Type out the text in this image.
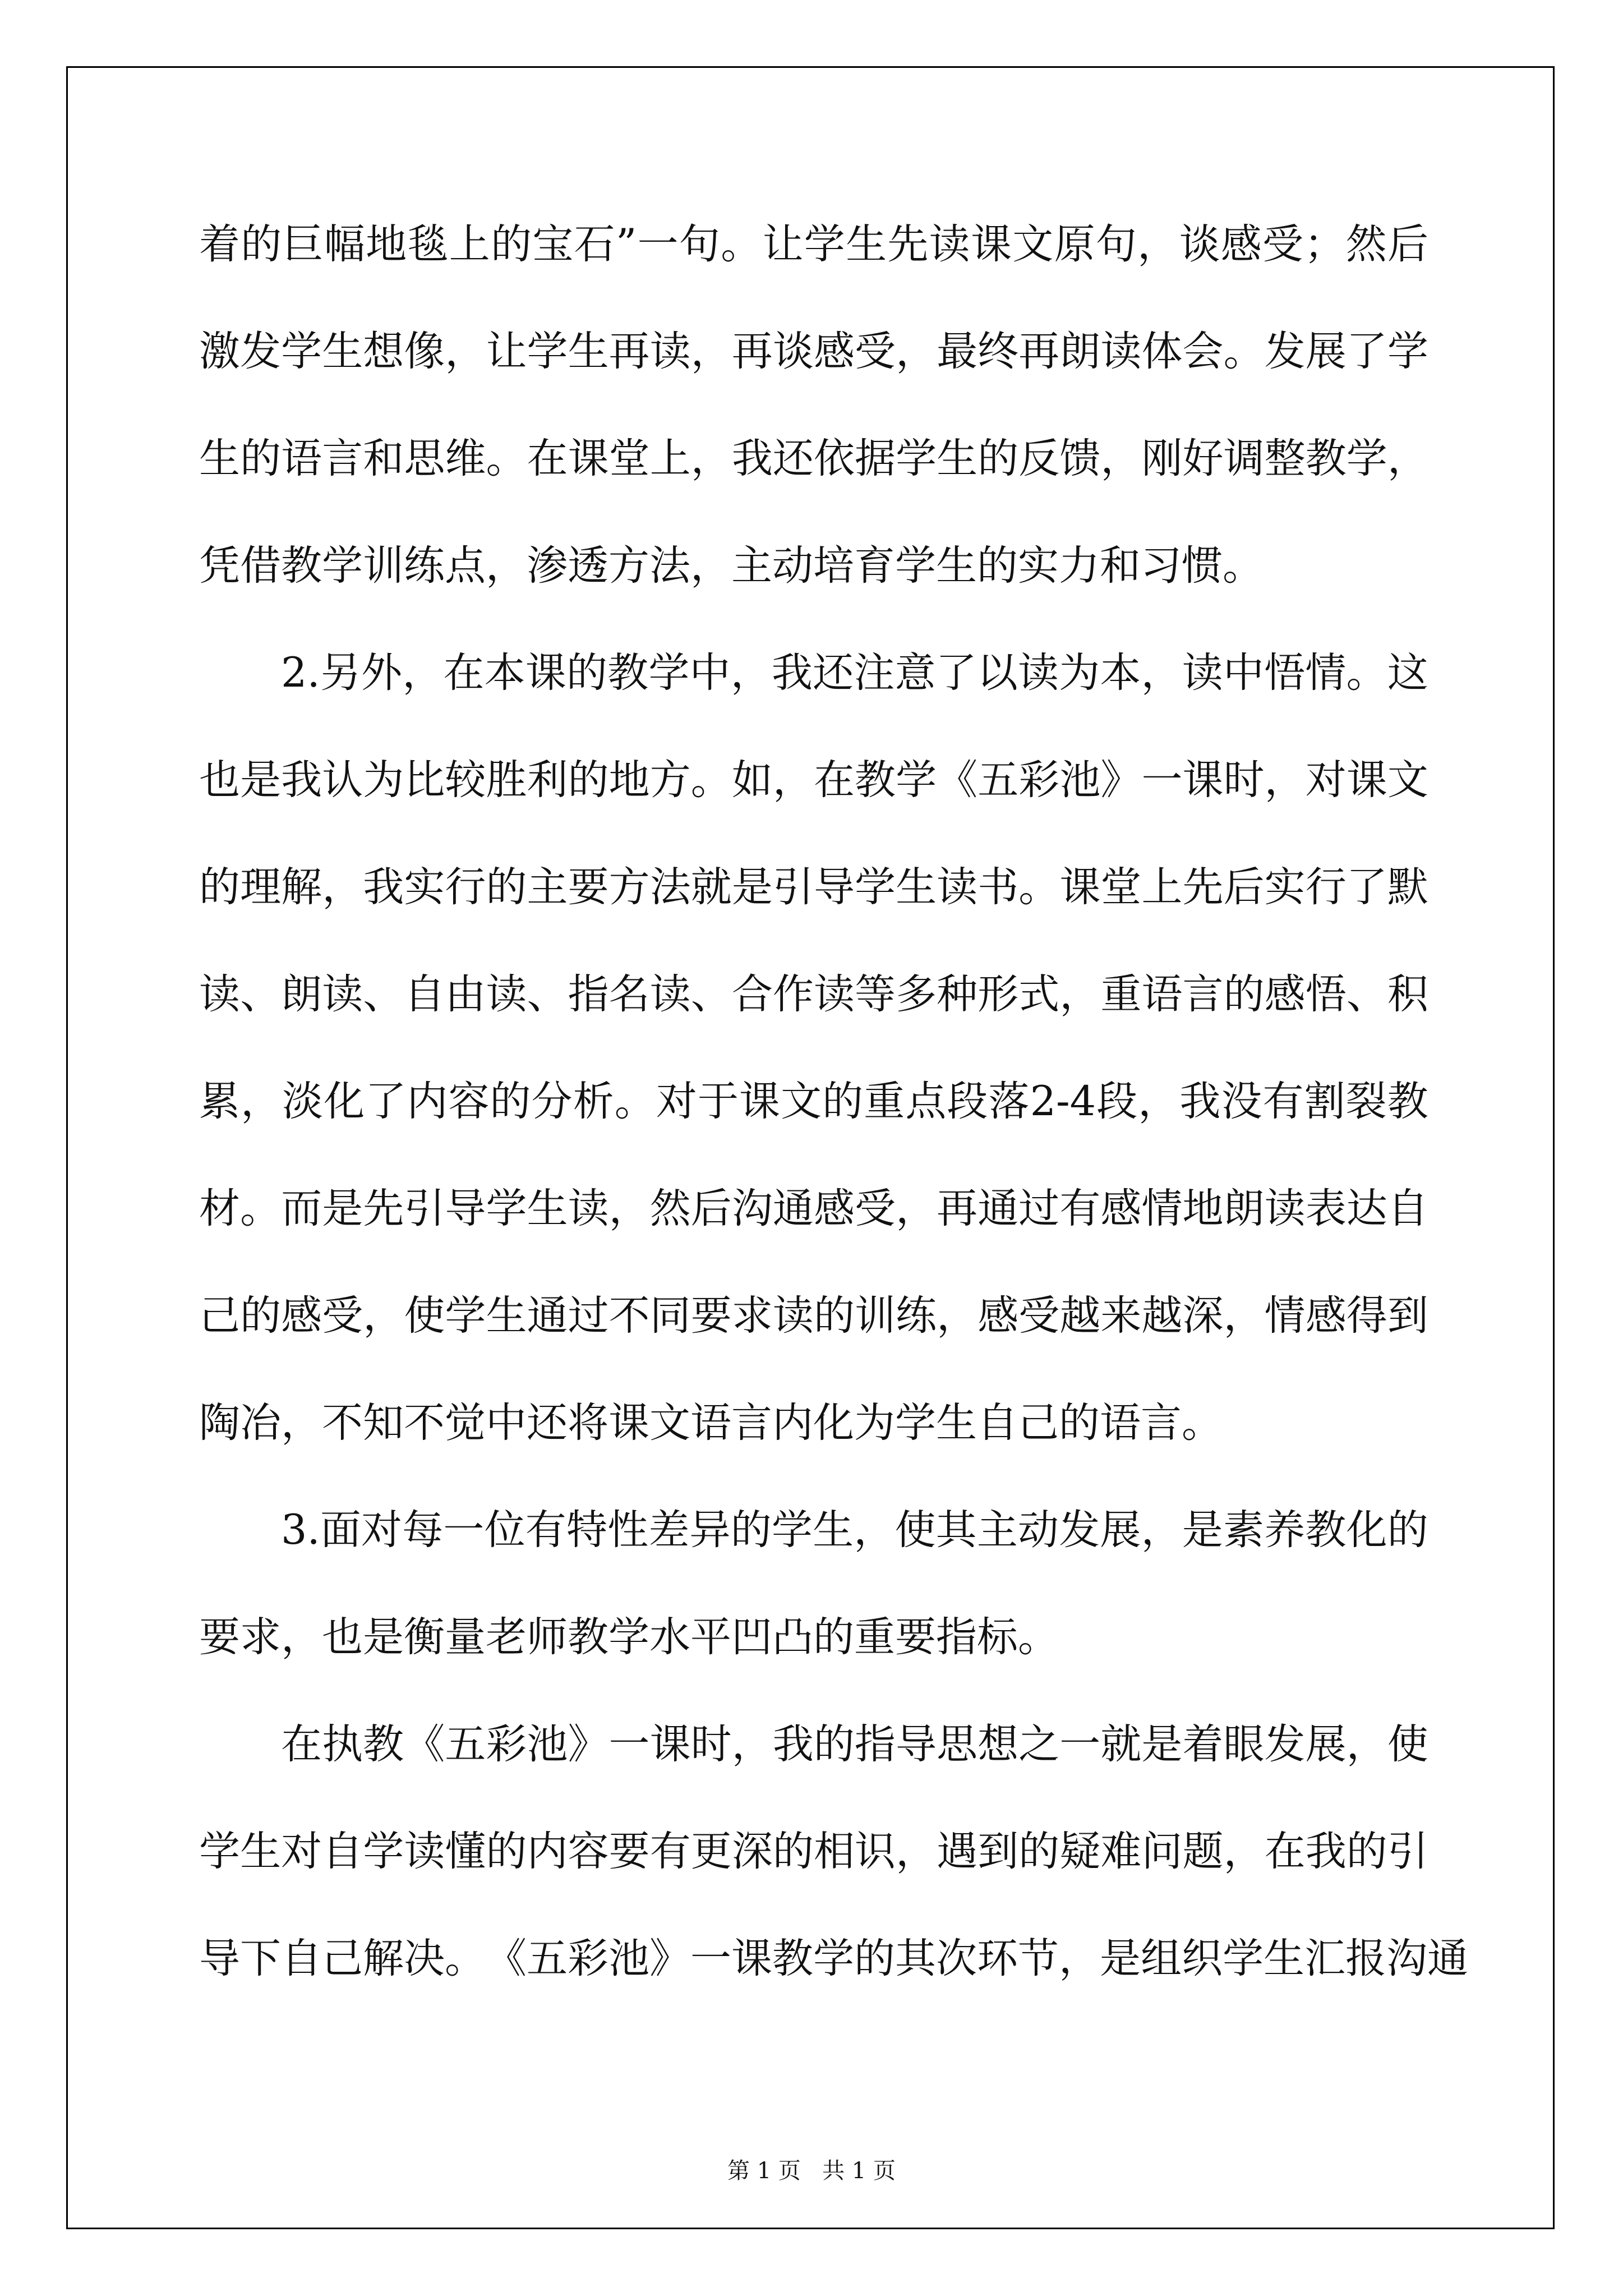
着 的 巨 幅 地 毯 上 的 宝 石 ” 一 句 。 让 学 生 先 读 课 文 原 句 ， 谈 感 受 ； 然 后
激 发 学 生 想 像 ， 让 学 生 再 读 ， 再 谈 感 受 ， 最 终 再 朗 读 体 会 。 发 展 了 学
生 的 语 言 和 思 维 。 在 课 堂 上 ， 我 还 依 据 学 生 的 反 馈 ， 刚 好 调 整 教 学 ，
凭 借 教 学 训 练 点 ， 渗 透 方 法 ， 主 动 培 育 学 生 的 实 力 和 习 惯 。
2. 另 外 ， 在 本 课 的 教 学 中 ， 我 还 注 意 了 以 读 为 本 ， 读 中 悟 情 。 这
也 是 我 认 为 比 较 胜 利 的 地 方 。 如 ， 在 教 学 《 五 彩 池 》 一 课 时 ， 对 课 文
的 理 解 ， 我 实 行 的 主 要 方 法 就 是 引 导 学 生 读 书 。 课 堂 上 先 后 实 行 了 默
读 、 朗 读 、 自 由 读 、 指 名 读 、 合 作 读 等 多 种 形 式 ， 重 语 言 的 感 悟 、 积
累 ， 淡 化 了 内 容 的 分 析 。 对 于 课 文 的 重 点 段 落 2-4 段 ， 我 没 有 割 裂 教
材 。 而 是 先 引 导 学 生 读 ， 然 后 沟 通 感 受 ， 再 通 过 有 感 情 地 朗 读 表 达 自
己 的 感 受 ， 使 学 生 通 过 不 同 要 求 读 的 训 练 ， 感 受 越 来 越 深 ， 情 感 得 到
陶 冶 ， 不 知 不 觉 中 还 将 课 文 语 言 内 化 为 学 生 自 己 的 语 言 。
3. 面 对 每 一 位 有 特 性 差 异 的 学 生 ， 使 其 主 动 发 展 ， 是 素 养 教 化 的
要 求 ， 也 是 衡 量 老 师 教 学 水 平 凹 凸 的 重 要 指 标 。
在 执 教 《 五 彩 池 》 一 课 时 ， 我 的 指 导 思 想 之 一 就 是 着 眼 发 展 ， 使
学 生 对 自 学 读 懂 的 内 容 要 有 更 深 的 相 识 ， 遇 到 的 疑 难 问 题 ， 在 我 的 引
导 下 自 己 解 决 。 《 五 彩 池 》 一 课 教 学 的 其 次 环 节 ， 是 组 织 学 生 汇 报 沟 通
第 1 页   共 1 页
